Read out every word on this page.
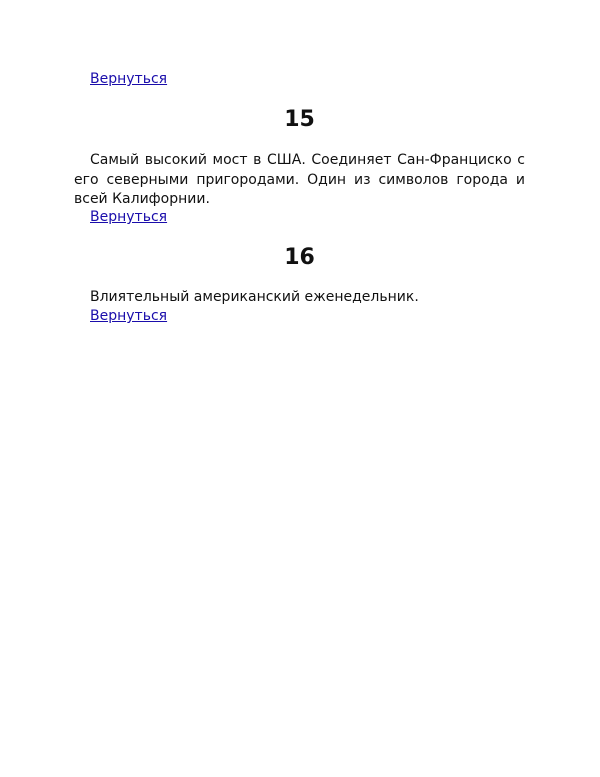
Вернуться
15

Самый высокий мост в США. Соединяет Сан-Франциско с его северными пригородами. Один из символов города и всей Калифорнии.

Вернуться
16

Влиятельный американский еженедельник.

Вернуться
